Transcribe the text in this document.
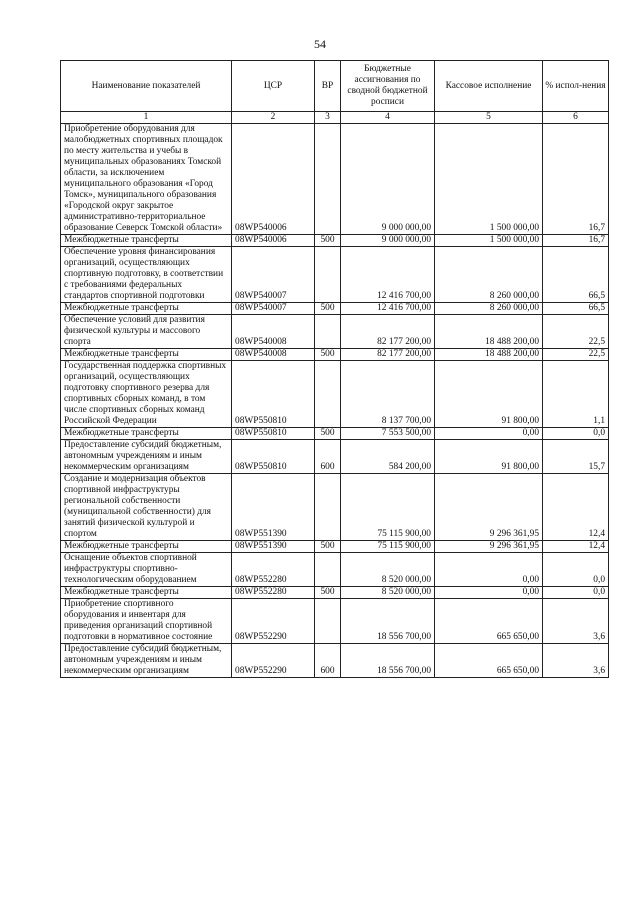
54
Наименование показателей	ЦСР	ВР	Бюджетные ассигнования по сводной бюджетной росписи	Кассовое исполнение	% испол-нения
1	2	3	4	5	6
Приобретение оборудования для малобюджетных спортивных площадок по месту жительства и учебы в муниципальных образованиях Томской области, за исключением муниципального образования «Город Томск», муниципального образования «Городской округ закрытое административно-территориальное образование Северск Томской области»	08WP540006		9 000 000,00	1 500 000,00	16,7
Межбюджетные трансферты	08WP540006	500	9 000 000,00	1 500 000,00	16,7
Обеспечение уровня финансирования организаций, осуществляющих спортивную подготовку, в соответствии с требованиями федеральных стандартов спортивной подготовки	08WP540007		12 416 700,00	8 260 000,00	66,5
Межбюджетные трансферты	08WP540007	500	12 416 700,00	8 260 000,00	66,5
Обеспечение условий для развития физической культуры и массового спорта	08WP540008		82 177 200,00	18 488 200,00	22,5
Межбюджетные трансферты	08WP540008	500	82 177 200,00	18 488 200,00	22,5
Государственная поддержка спортивных организаций, осуществляющих подготовку спортивного резерва для спортивных сборных команд, в том числе спортивных сборных команд Российской Федерации	08WP550810		8 137 700,00	91 800,00	1,1
Межбюджетные трансферты	08WP550810	500	7 553 500,00	0,00	0,0
Предоставление субсидий бюджетным, автономным учреждениям и иным некоммерческим организациям	08WP550810	600	584 200,00	91 800,00	15,7
Создание и модернизация объектов спортивной инфраструктуры региональной собственности (муниципальной собственности) для занятий физической культурой и спортом	08WP551390		75 115 900,00	9 296 361,95	12,4
Межбюджетные трансферты	08WP551390	500	75 115 900,00	9 296 361,95	12,4
Оснащение объектов спортивной инфраструктуры спортивно-технологическим оборудованием	08WP552280		8 520 000,00	0,00	0,0
Межбюджетные трансферты	08WP552280	500	8 520 000,00	0,00	0,0
Приобретение спортивного оборудования и инвентаря для приведения организаций спортивной подготовки в нормативное состояние	08WP552290		18 556 700,00	665 650,00	3,6
Предоставление субсидий бюджетным, автономным учреждениям и иным некоммерческим организациям	08WP552290	600	18 556 700,00	665 650,00	3,6
